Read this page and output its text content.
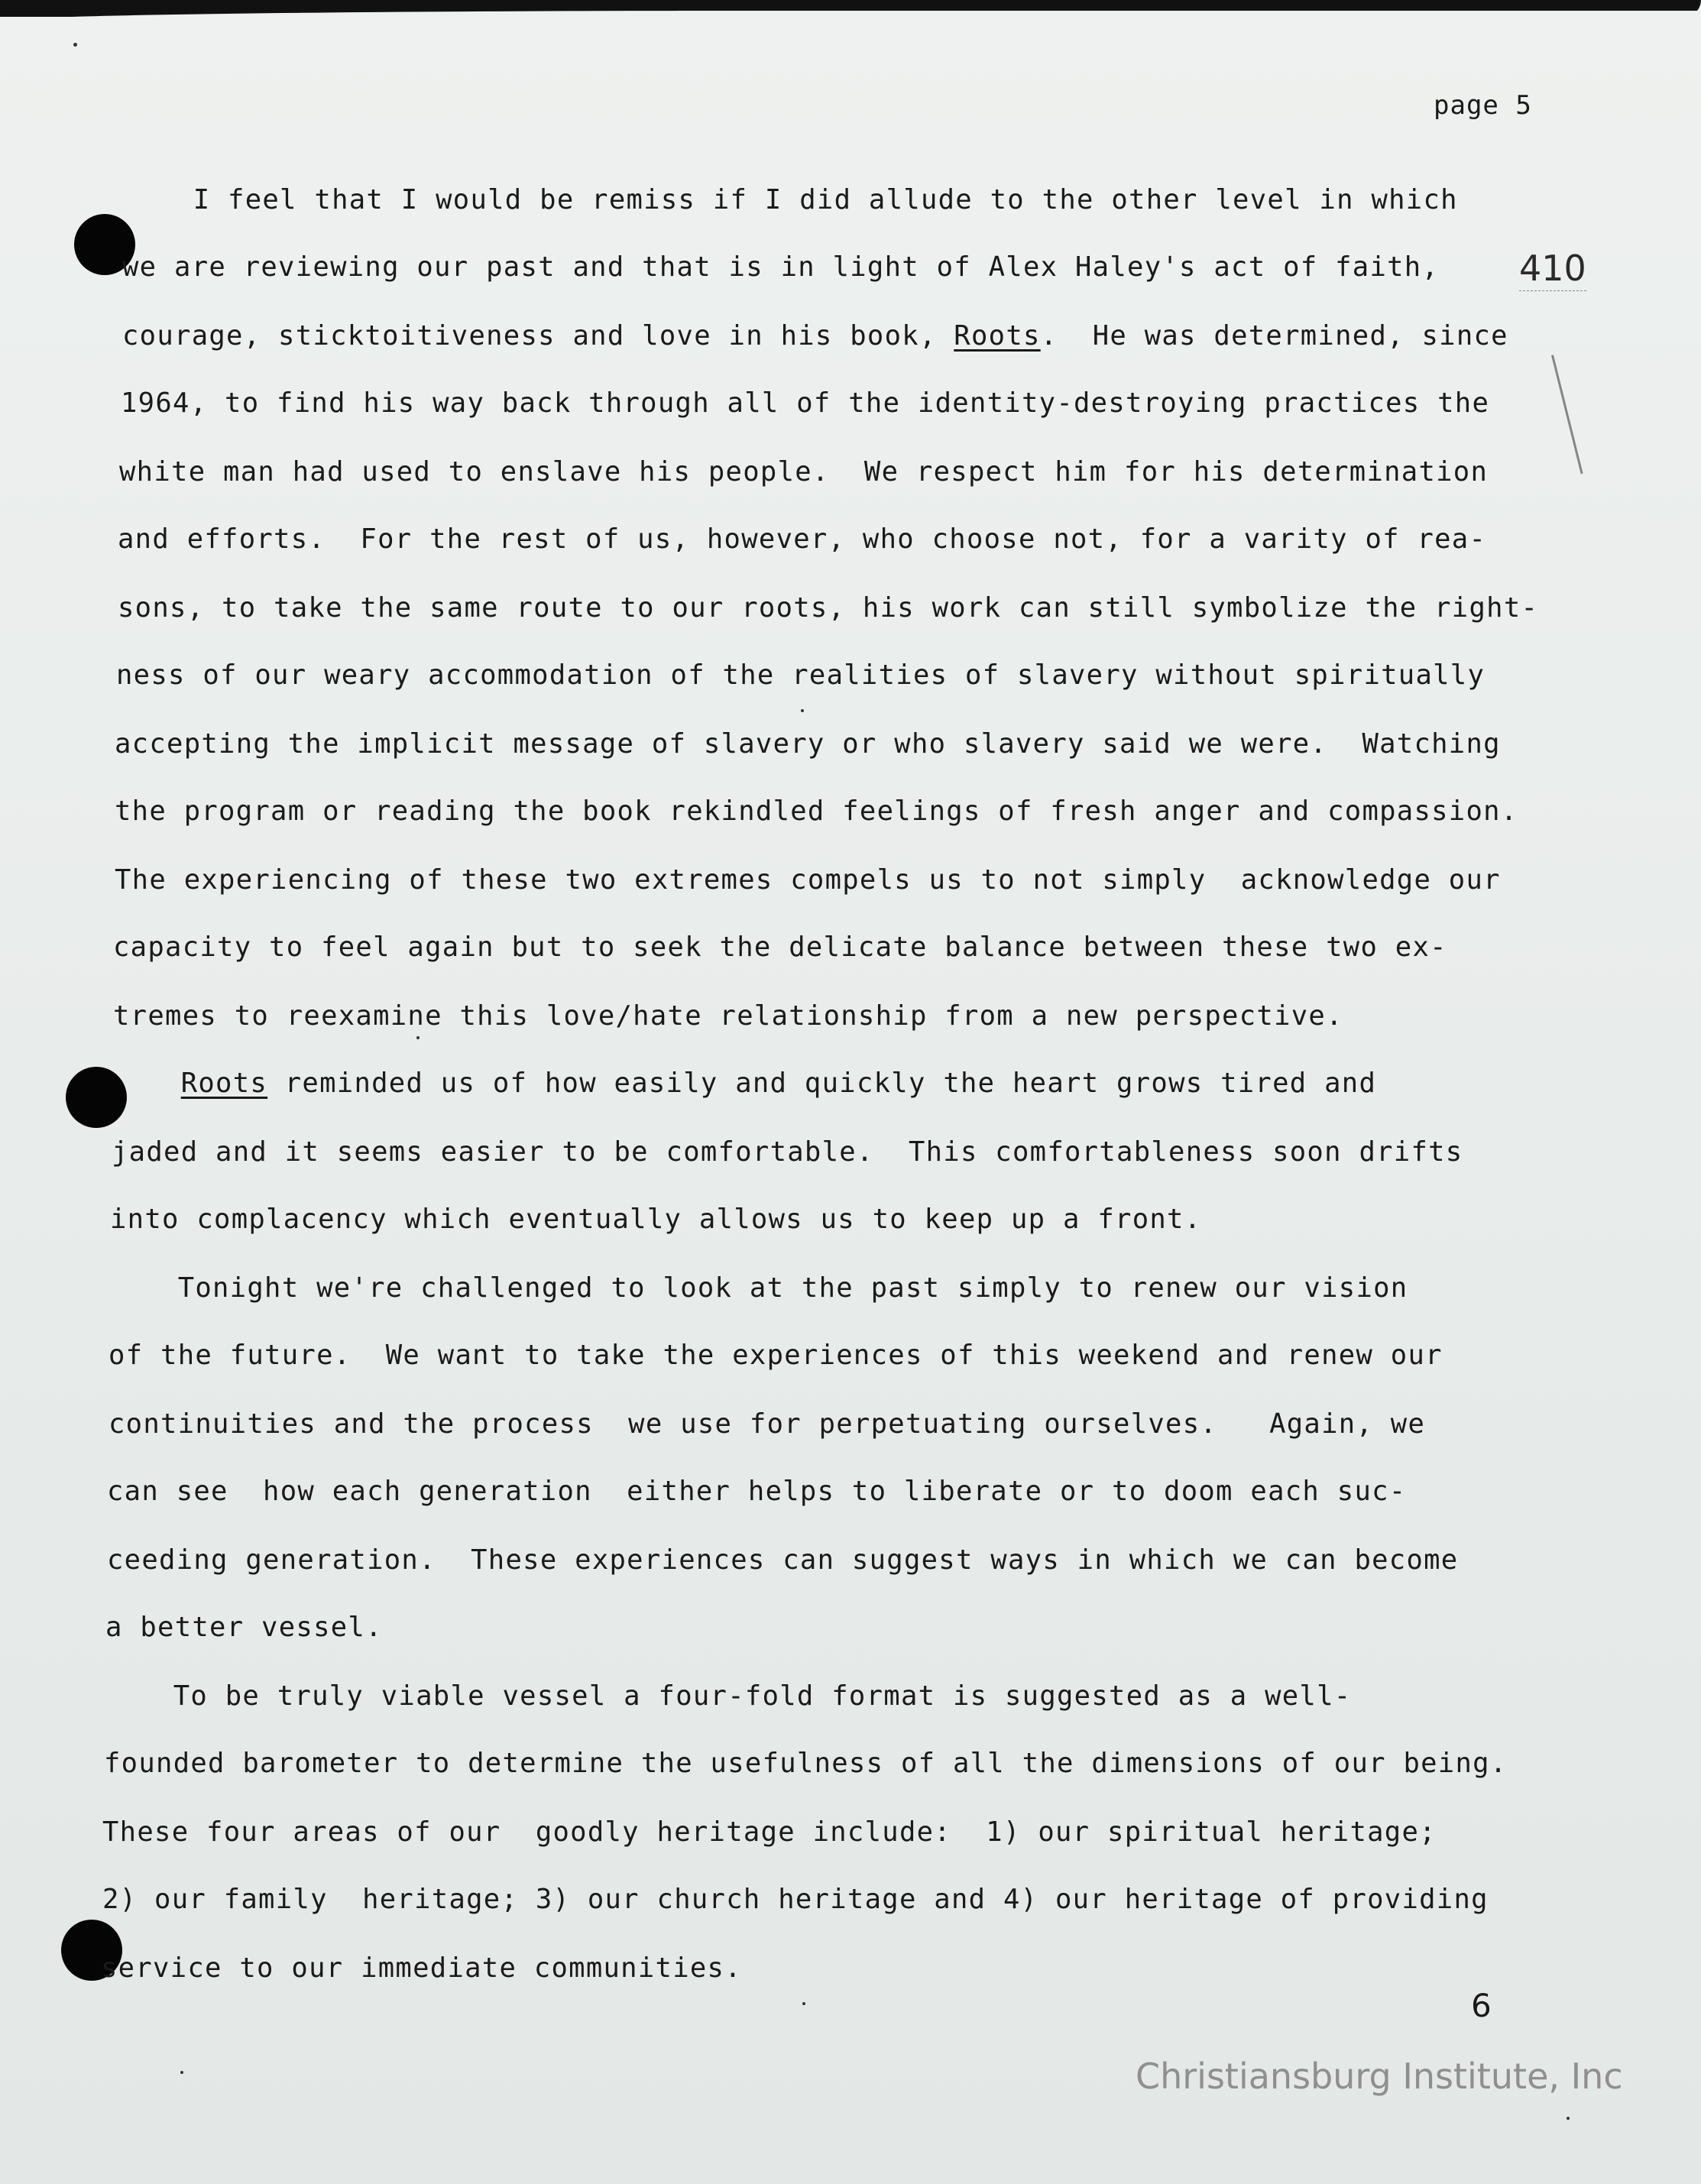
page 5
410
I feel that I would be remiss if I did allude to the other level in which
we are reviewing our past and that is in light of Alex Haley's act of faith,
courage, sticktoitiveness and love in his book, Roots.  He was determined, since
1964, to find his way back through all of the identity-destroying practices the
white man had used to enslave his people.  We respect him for his determination
and efforts.  For the rest of us, however, who choose not, for a varity of rea-
sons, to take the same route to our roots, his work can still symbolize the right-
ness of our weary accommodation of the realities of slavery without spiritually
accepting the implicit message of slavery or who slavery said we were.  Watching
the program or reading the book rekindled feelings of fresh anger and compassion.
The experiencing of these two extremes compels us to not simply  acknowledge our
capacity to feel again but to seek the delicate balance between these two ex-
tremes to reexamine this love/hate relationship from a new perspective.
Roots reminded us of how easily and quickly the heart grows tired and
jaded and it seems easier to be comfortable.  This comfortableness soon drifts
into complacency which eventually allows us to keep up a front.
Tonight we're challenged to look at the past simply to renew our vision
of the future.  We want to take the experiences of this weekend and renew our
continuities and the process  we use for perpetuating ourselves.   Again, we
can see  how each generation  either helps to liberate or to doom each suc-
ceeding generation.  These experiences can suggest ways in which we can become
a better vessel.
To be truly viable vessel a four-fold format is suggested as a well-
founded barometer to determine the usefulness of all the dimensions of our being.
These four areas of our  goodly heritage include:  1) our spiritual heritage;
2) our family  heritage; 3) our church heritage and 4) our heritage of providing
service to our immediate communities.
6
Christiansburg Institute, Inc
